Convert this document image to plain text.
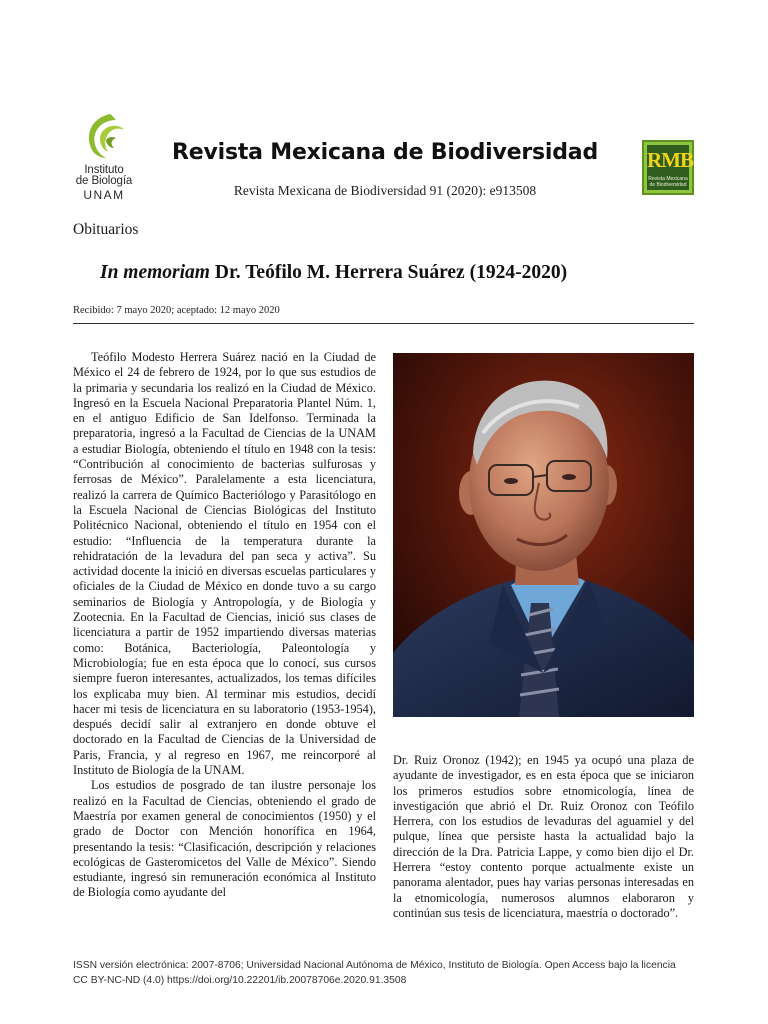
Instituto
de Biología
UNAM
Revista Mexicana de Biodiversidad
Revista Mexicana de Biodiversidad 91 (2020): e913508
RMB
Revista Mexicana
de Biodiversidad
Obituarios
In memoriam Dr. Teófilo M. Herrera Suárez (1924-2020)
Recibido: 7 mayo 2020; aceptado: 12 mayo 2020

Teófilo Modesto Herrera Suárez nació en la Ciudad de México el 24 de febrero de 1924, por lo que sus estudios de la primaria y secundaria los realizó en la Ciudad de México. Ingresó en la Escuela Nacional Preparatoria Plantel Núm. 1, en el antiguo Edificio de San Idelfonso. Terminada la preparatoria, ingresó a la Facultad de Ciencias de la UNAM a estudiar Biología, obteniendo el título en 1948 con la tesis: “Contribución al conocimiento de bacterias sulfurosas y ferrosas de México”. Paralelamente a esta licenciatura, realizó la carrera de Químico Bacteriólogo y Parasitólogo en la Escuela Nacional de Ciencias Biológicas del Instituto Politécnico Nacional, obteniendo el título en 1954 con el estudio: “Influencia de la temperatura durante la rehidratación de la levadura del pan seca y activa”. Su actividad docente la inició en diversas escuelas particulares y oficiales de la Ciudad de México en donde tuvo a su cargo seminarios de Biología y Antropología, y de Biología y Zootecnia. En la Facultad de Ciencias, inició sus clases de licenciatura a partir de 1952 impartiendo diversas materias como: Botánica, Bacteriología, Paleontología y Microbiología; fue en esta época que lo conocí, sus cursos siempre fueron interesantes, actualizados, los temas difíciles los explicaba muy bien. Al terminar mis estudios, decidí hacer mi tesis de licenciatura en su laboratorio (1953-1954), después decidí salir al extranjero en donde obtuve el doctorado en la Facultad de Ciencias de la Universidad de Paris, Francia, y al regreso en 1967, me reincorporé al Instituto de Biología de la UNAM.

Los estudios de posgrado de tan ilustre personaje los realizó en la Facultad de Ciencias, obteniendo el grado de Maestría por examen general de conocimientos (1950) y el grado de Doctor con Mención honorífica en 1964, presentando la tesis: “Clasificación, descripción y relaciones ecológicas de Gasteromicetos del Valle de México”. Siendo estudiante, ingresó sin remuneración económica al Instituto de Biología como ayudante del

Dr. Ruiz Oronoz (1942); en 1945 ya ocupó una plaza de ayudante de investigador, es en esta época que se iniciaron los primeros estudios sobre etnomicología, línea de investigación que abrió el Dr. Ruiz Oronoz con Teófilo Herrera, con los estudios de levaduras del aguamiel y del pulque, línea que persiste hasta la actualidad bajo la dirección de la Dra. Patricia Lappe, y como bien dijo el Dr. Herrera “estoy contento porque actualmente existe un panorama alentador, pues hay varias personas interesadas en la etnomicología, numerosos alumnos elaboraron y continúan sus tesis de licenciatura, maestría o doctorado”.

ISSN versión electrónica: 2007-8706; Universidad Nacional Autónoma de México, Instituto de Biología. Open Access bajo la licencia
CC BY-NC-ND (4.0) https://doi.org/10.22201/ib.20078706e.2020.91.3508
